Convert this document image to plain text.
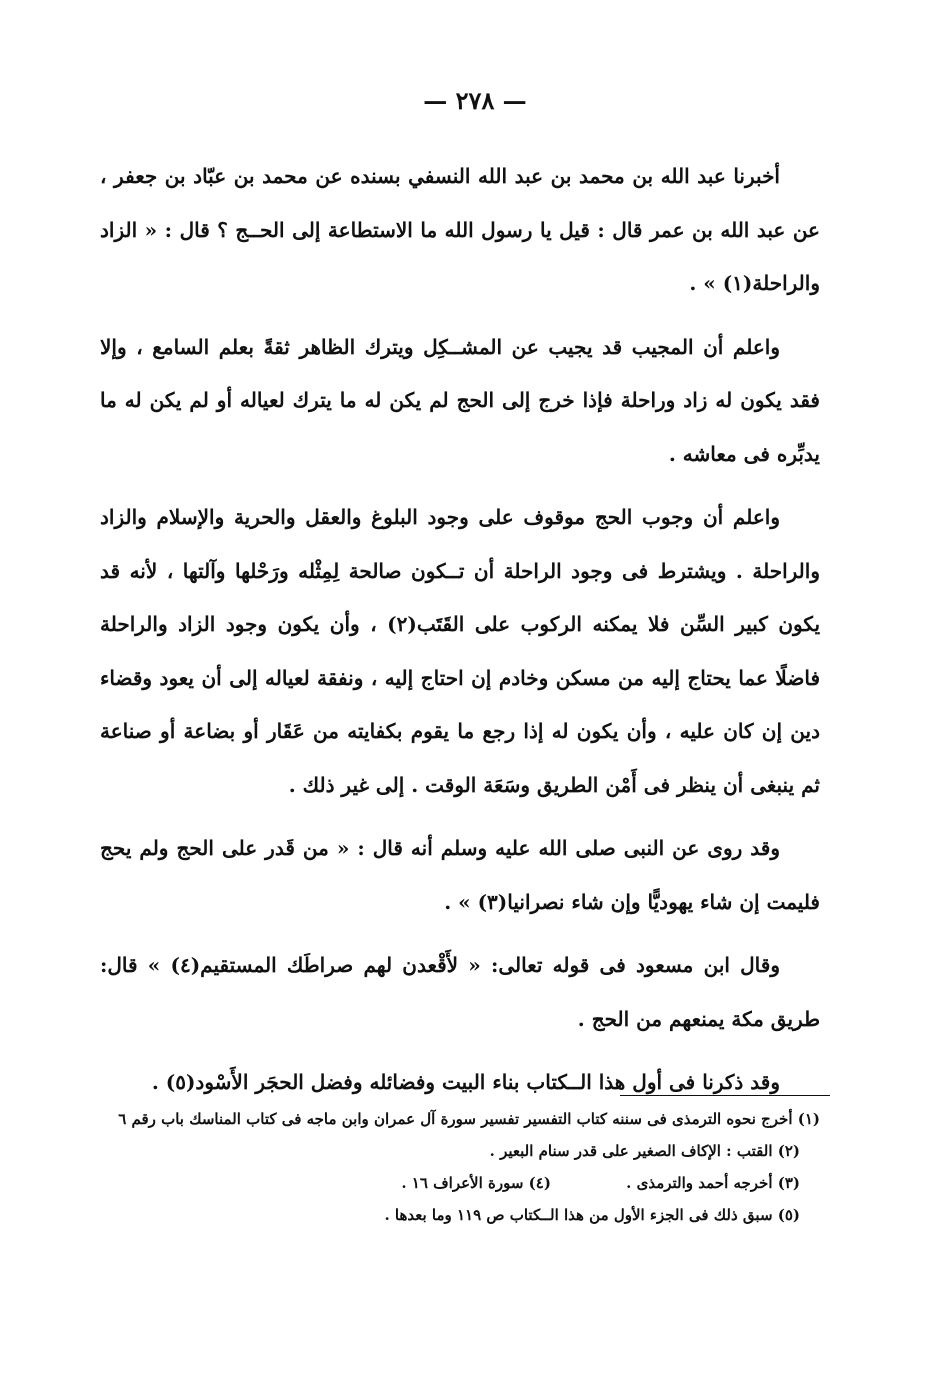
— ٢٧٨ —

أخبرنا عبد الله بن محمد بن عبد الله النسفي بسنده عن محمد بن عبّاد بن جعفر ، عن عبد الله بن عمر قال : قيل يا رسول الله ما الاستطاعة إلى الحــج ؟ قال : « الزاد والراحلة(١) » .

واعلم أن المجيب قد يجيب عن المشــكِل ويترك الظاهر ثقةً بعلم السامع ، وإلا فقد يكون له زاد وراحلة فإذا خرج إلى الحج لم يكن له ما يترك لعياله أو لم يكن له ما يدبِّره فى معاشه .

واعلم أن وجوب الحج موقوف على وجود البلوغ والعقل والحرية والإسلام والزاد والراحلة . ويشترط فى وجود الراحلة أن تــكون صالحة لِمِثْله ورَحْلها وآلتها ، لأنه قد يكون كبير السِّن فلا يمكنه الركوب على القَتَب(٢) ، وأن يكون وجود الزاد والراحلة فاضلًا عما يحتاج إليه من مسكن وخادم إن احتاج إليه ، ونفقة لعياله إلى أن يعود وقضاء دين إن كان عليه ، وأن يكون له إذا رجع ما يقوم بكفايته من عَقَار أو بضاعة أو صناعة ثم ينبغى أن ينظر فى أَمْن الطريق وسَعَة الوقت . إلى غير ذلك .

وقد روى عن النبى صلى الله عليه وسلم أنه قال : « من قَدر على الحج ولم يحج فليمت إن شاء يهوديًّا وإن شاء نصرانيا(٣) » .

وقال ابن مسعود فى قوله تعالى: « لأَقْعدن لهم صراطَك المستقيم(٤) » قال: طريق مكة يمنعهم من الحج .

وقد ذكرنا فى أول هذا الــكتاب بناء البيت وفضائله وفضل الحجَر الأَسْود(٥) .

(١) أخرج نحوه الترمذى فى سننه كتاب التفسير تفسير سورة آل عمران وابن ماجه فى كتاب المناسك باب رقم ٦

(٢) القتب : الإكاف الصغير على قدر سنام البعير .

(٣) أخرجه أحمد والترمذى . (٤) سورة الأعراف ١٦ .

(٥) سبق ذلك فى الجزء الأول من هذا الــكتاب ص ١١٩ وما بعدها .
